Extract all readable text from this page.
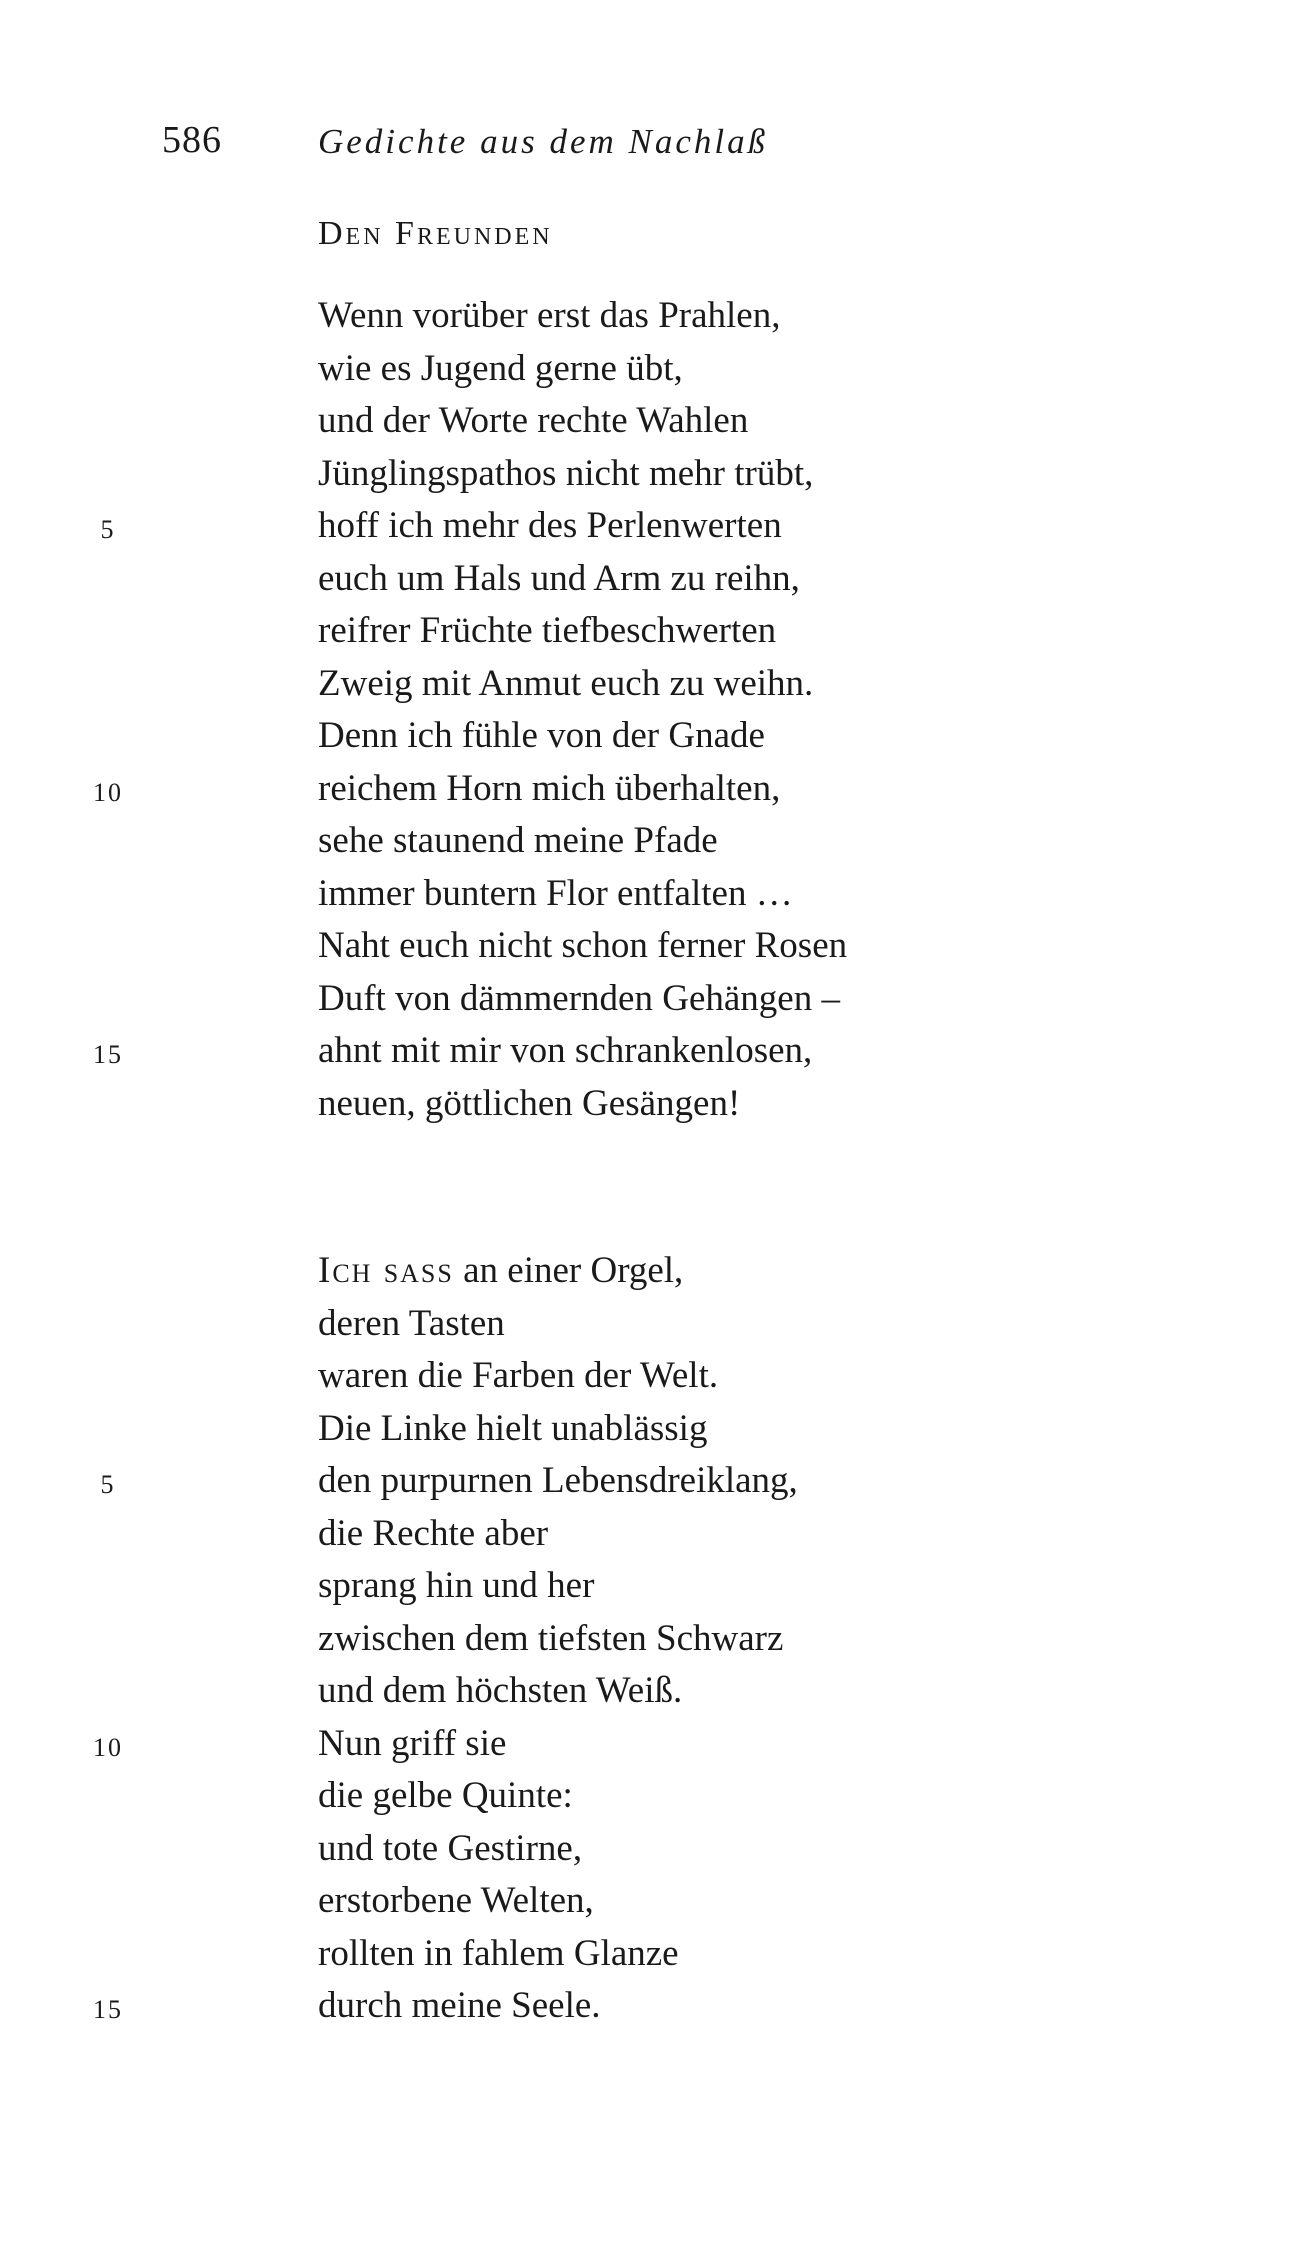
586	Gedichte aus dem Nachlaß
Den Freunden
Wenn vorüber erst das Prahlen,
wie es Jugend gerne übt,
und der Worte rechte Wahlen
Jünglingspathos nicht mehr trübt,
5	hoff ich mehr des Perlenwerten
euch um Hals und Arm zu reihn,
reifrer Früchte tiefbeschwerten
Zweig mit Anmut euch zu weihn.
Denn ich fühle von der Gnade
10	reichem Horn mich überhalten,
sehe staunend meine Pfade
immer buntern Flor entfalten …
Naht euch nicht schon ferner Rosen
Duft von dämmernden Gehängen –
15	ahnt mit mir von schrankenlosen,
neuen, göttlichen Gesängen!
Ich sass an einer Orgel,
deren Tasten
waren die Farben der Welt.
Die Linke hielt unablässig
5	den purpurnen Lebensdreiklang,
die Rechte aber
sprang hin und her
zwischen dem tiefsten Schwarz
und dem höchsten Weiß.
10	Nun griff sie
die gelbe Quinte:
und tote Gestirne,
erstorbene Welten,
rollten in fahlem Glanze
15	durch meine Seele.
